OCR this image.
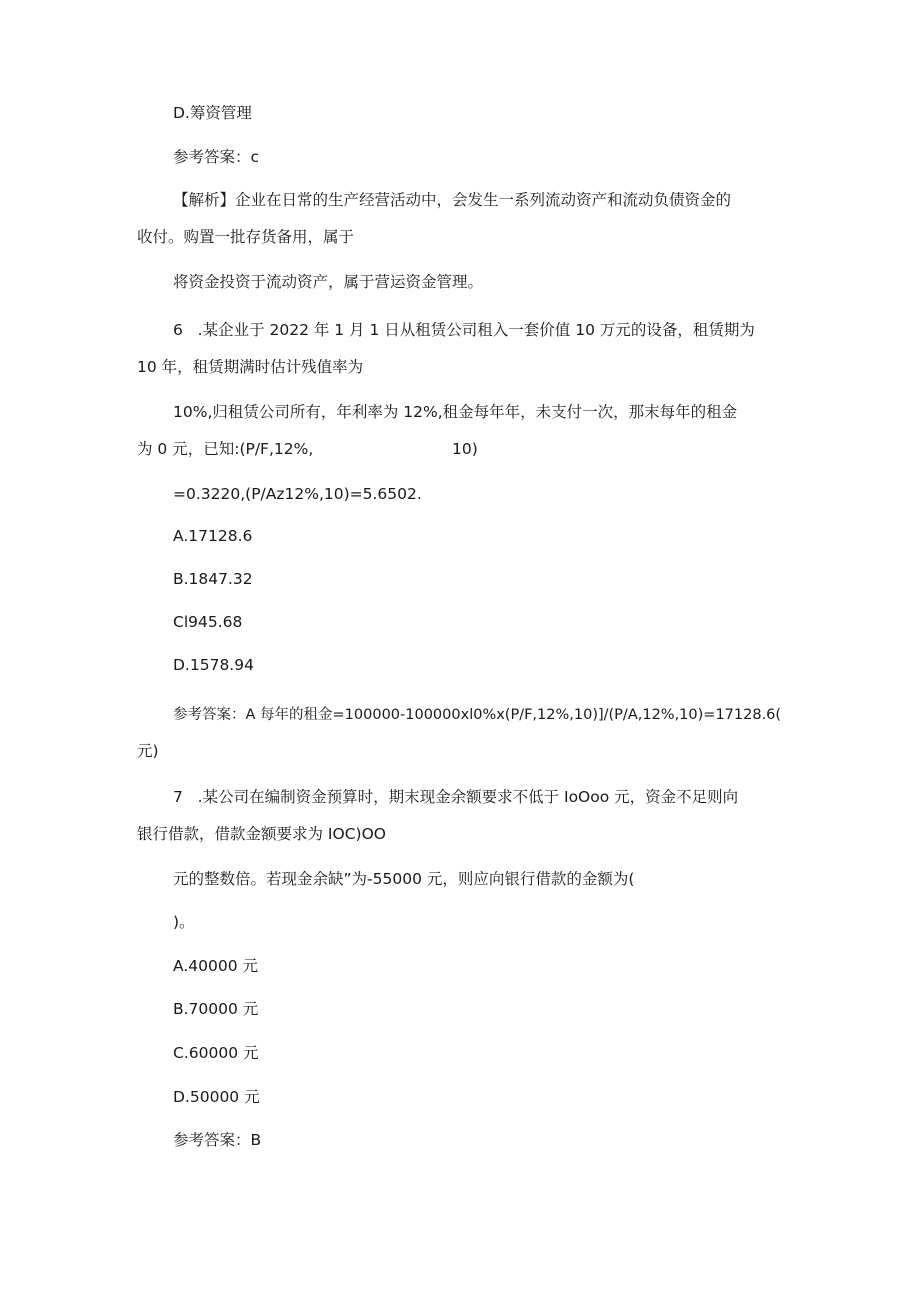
D.筹资管理
参考答案：c
【解析】企业在日常的生产经营活动中，会发生一系列流动资产和流动负债资金的
收付。购置一批存货备用，属于
将资金投资于流动资产，属于营运资金管理。
6   .某企业于 2022 年 1 月 1 日从租赁公司租入一套价值 10 万元的设备，租赁期为
10 年，租赁期满时估计残值率为
10%,归租赁公司所有，年利率为 12%,租金每年年，未支付一次，那末每年的租金
为 0 元，已知:(P/F,12%,	10)
=0.3220,(P∕Az12%,10)=5.6502.
A.17128.6
B.1847.32
Cl945.68
D.1578.94
参考答案：A 每年的租金=100000-100000xl0%x(P/F,12%,10)]∕(P∕A,12%,10)=17128.6(
元)
7   .某公司在编制资金预算时，期末现金余额要求不低于 IoOoo 元，资金不足则向
银行借款，借款金额要求为 IOC)OO
元的整数倍。若现金余缺”为-55000 元，则应向银行借款的金额为(
)。
A.40000 元
B.70000 元
C.60000 元
D.50000 元
参考答案：B
